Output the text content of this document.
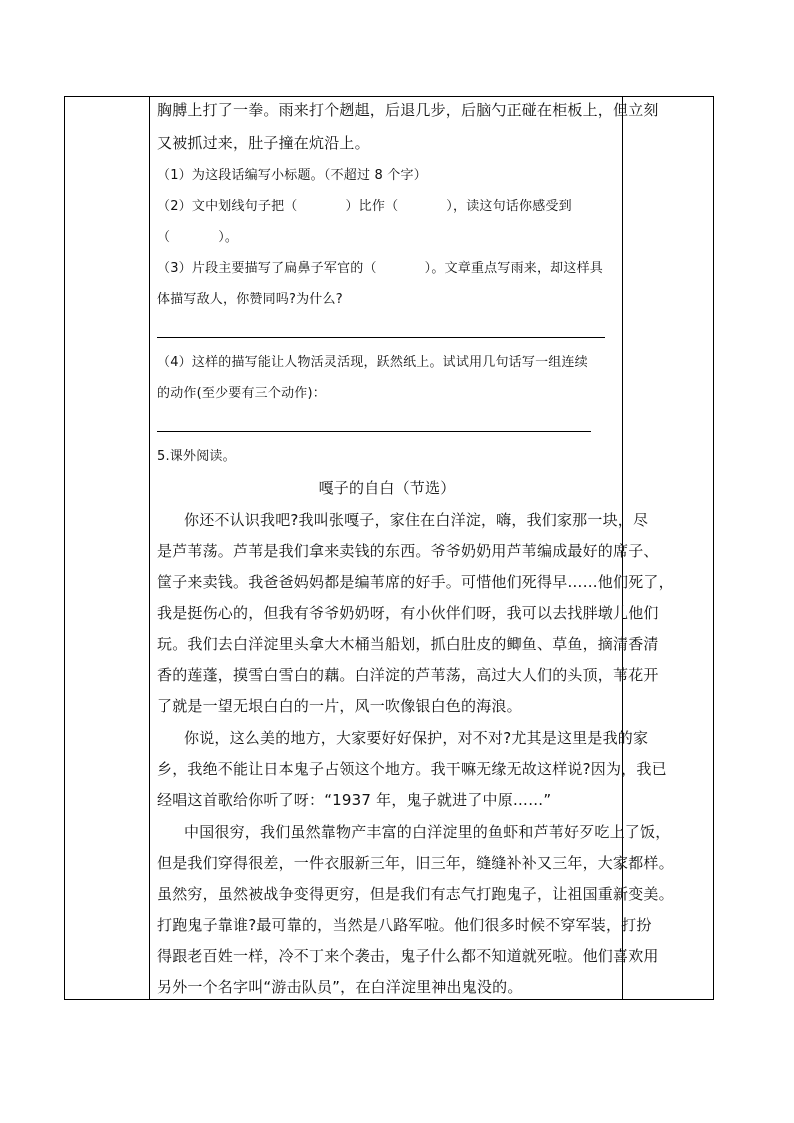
胸膊上打了一拳。雨来打个趔趄，后退几步，后脑勺正碰在柜板上，但立刻
又被抓过来，肚子撞在炕沿上。
（1）为这段话编写小标题。（不超过 8 个字）
（2）文中划线句子把（	）比作（	），读这句话你感受到
（	）。
（3）片段主要描写了扁鼻子军官的（	）。文章重点写雨来，却这样具
体描写敌人，你赞同吗?为什么?
（4）这样的描写能让人物活灵活现，跃然纸上。试试用几句话写一组连续
的动作(至少要有三个动作)：
5.课外阅读。
嘎子的自白（节选）
你还不认识我吧?我叫张嘎子，家住在白洋淀，嗨，我们家那一块，尽
是芦苇荡。芦苇是我们拿来卖钱的东西。爷爷奶奶用芦苇编成最好的席子、
筐子来卖钱。我爸爸妈妈都是编苇席的好手。可惜他们死得早……他们死了，
我是挺伤心的，但我有爷爷奶奶呀，有小伙伴们呀，我可以去找胖墩儿他们
玩。我们去白洋淀里头拿大木桶当船划，抓白肚皮的鲫鱼、草鱼，摘清香清
香的莲蓬，摸雪白雪白的藕。白洋淀的芦苇荡，高过大人们的头顶，苇花开
了就是一望无垠白白的一片，风一吹像银白色的海浪。
你说，这么美的地方，大家要好好保护，对不对?尤其是这里是我的家
乡，我绝不能让日本鬼子占领这个地方。我干嘛无缘无故这样说?因为，我已
经唱这首歌给你听了呀：“1937 年，鬼子就进了中原……”
中国很穷，我们虽然靠物产丰富的白洋淀里的鱼虾和芦苇好歹吃上了饭，
但是我们穿得很差，一件衣服新三年，旧三年，缝缝补补又三年，大家都样。
虽然穷，虽然被战争变得更穷，但是我们有志气打跑鬼子，让祖国重新变美。
打跑鬼子靠谁?最可靠的，当然是八路军啦。他们很多时候不穿军装，打扮
得跟老百姓一样，冷不丁来个袭击，鬼子什么都不知道就死啦。他们喜欢用
另外一个名字叫“游击队员”，在白洋淀里神出鬼没的。
